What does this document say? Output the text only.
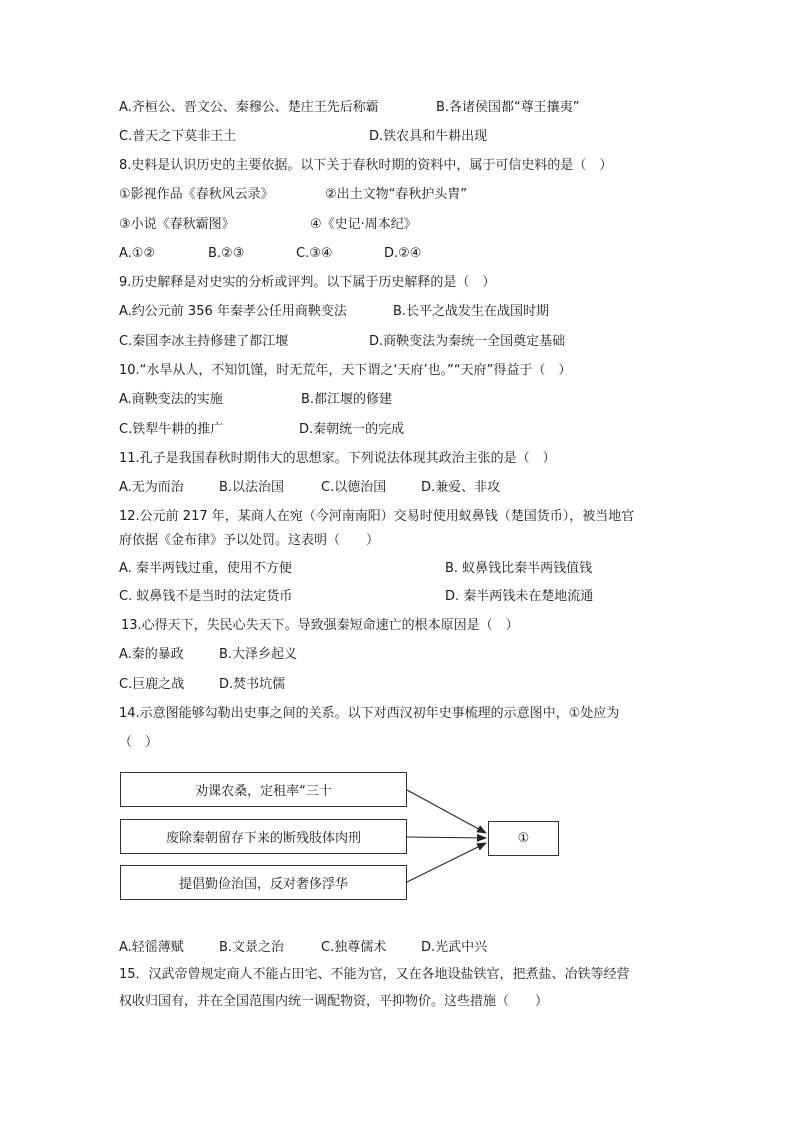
A.齐桓公、晋文公、秦穆公、楚庄王先后称霸	B.各诸侯国都“尊王攘夷”
C.普天之下莫非王土	D.铁农具和牛耕出现
8.史料是认识历史的主要依据。以下关于春秋时期的资料中，属于可信史料的是（　）
①影视作品《春秋风云录》	②出土文物“春秋护头胄”
③小说《春秋霸图》	④《史记·周本纪》
A.①②	B.②③	C.③④	D.②④
9.历史解释是对史实的分析或评判。以下属于历史解释的是（　）
A.约公元前 356 年秦孝公任用商鞅变法	B.长平之战发生在战国时期
C.秦国李冰主持修建了都江堰	D.商鞅变法为秦统一全国奠定基础
10.“水旱从人，不知饥馑，时无荒年，天下谓之‘天府’也。”“天府”得益于（　）
A.商鞅变法的实施	B.都江堰的修建
C.铁犁牛耕的推广	D.秦朝统一的完成
11.孔子是我国春秋时期伟大的思想家。下列说法体现其政治主张的是（　）
A.无为而治	B.以法治国	C.以德治国	D.兼爱、非攻
12.公元前 217 年，某商人在宛（今河南南阳）交易时使用蚁鼻钱（楚国货币），被当地官
府依据《金布律》予以处罚。这表明（　　）
A. 秦半两钱过重，使用不方便	B. 蚁鼻钱比秦半两钱值钱
C. 蚁鼻钱不是当时的法定货币	D. 秦半两钱未在楚地流通
13.心得天下，失民心失天下。导致强秦短命速亡的根本原因是（　）
A.秦的暴政	B.大泽乡起义
C.巨鹿之战	D.焚书坑儒
14.示意图能够勾勒出史事之间的关系。以下对西汉初年史事梳理的示意图中，①处应为
（　）
劝课农桑，定租率“三十
废除秦朝留存下来的断残肢体肉刑
提倡勤俭治国，反对奢侈浮华
①
A.轻徭薄赋	B.文景之治	C.独尊儒术	D.光武中兴
15．汉武帝曾规定商人不能占田宅、不能为官，又在各地设盐铁官，把煮盐、冶铁等经营
权收归国有，并在全国范围内统一调配物资，平抑物价。这些措施（　　）
